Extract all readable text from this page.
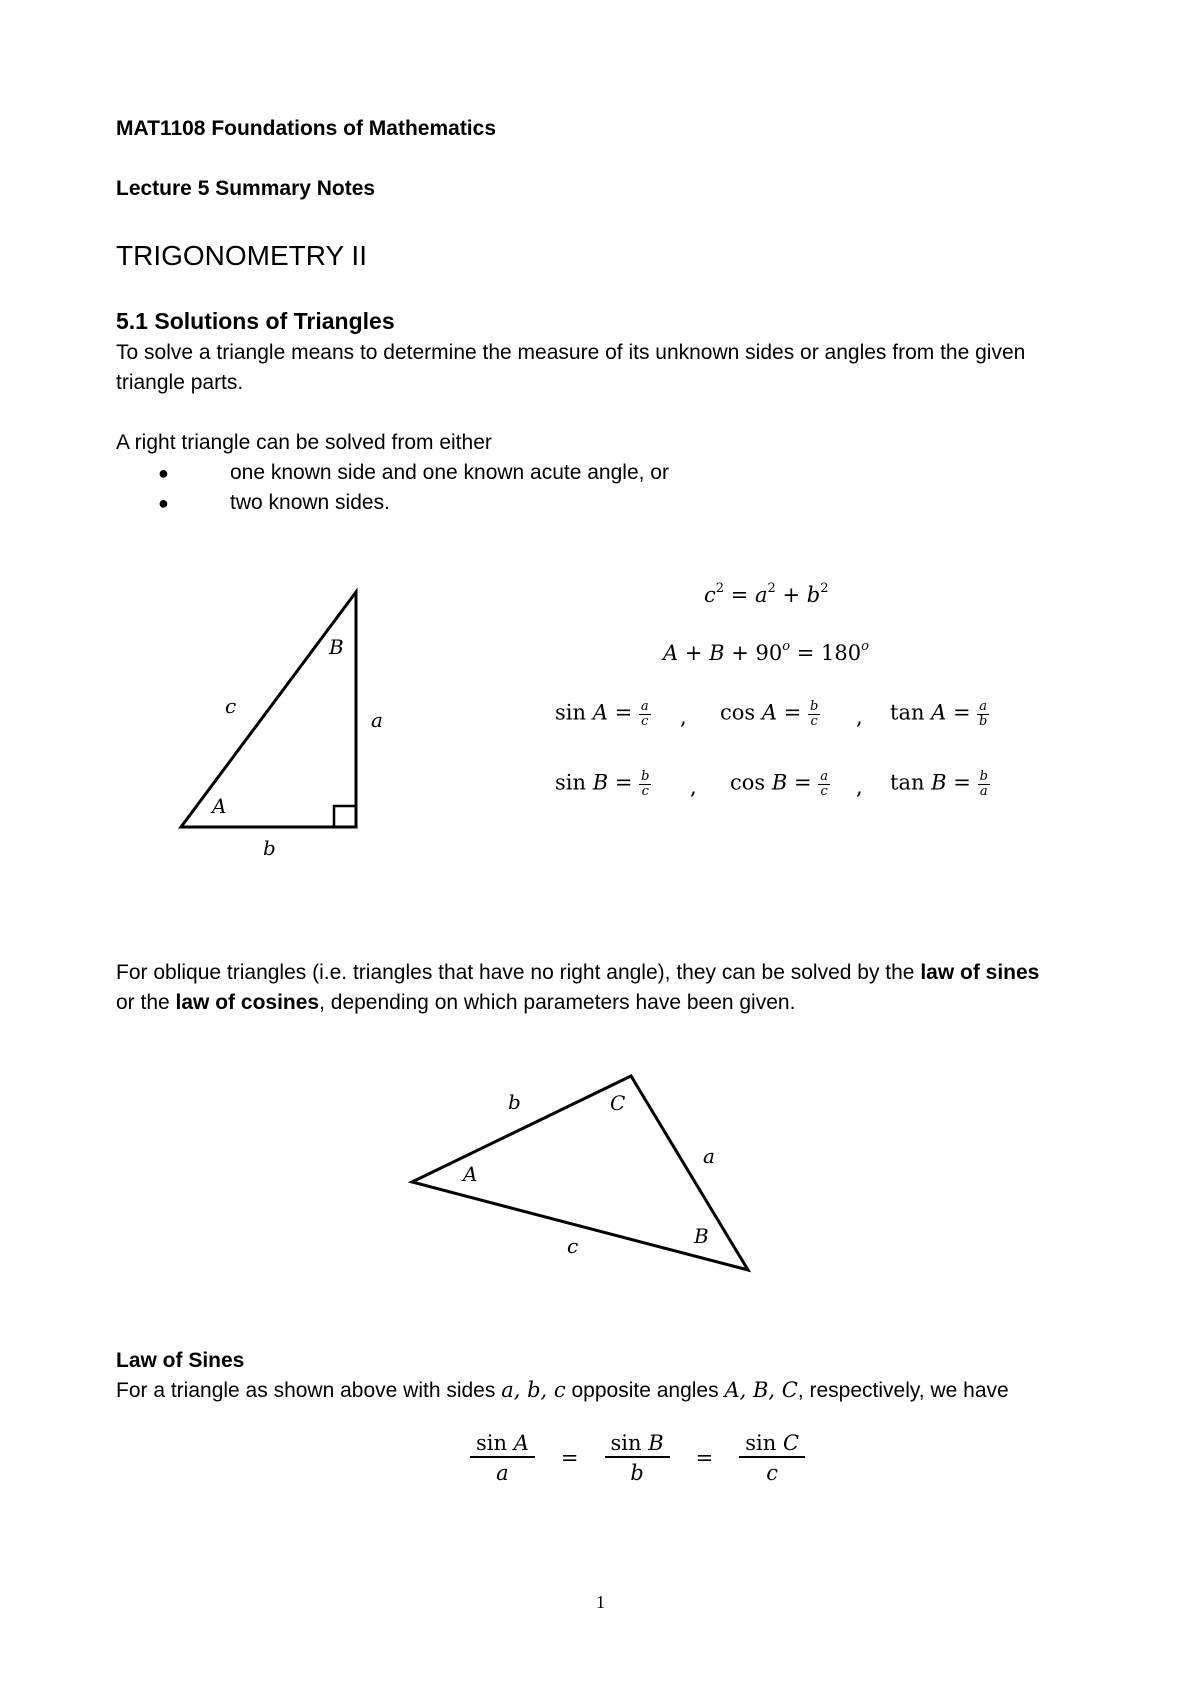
MAT1108 Foundations of Mathematics
Lecture 5 Summary Notes
TRIGONOMETRY II
5.1 Solutions of Triangles
To solve a triangle means to determine the measure of its unknown sides or angles from the given
triangle parts.
A right triangle can be solved from either
●	one known side and one known acute angle, or
●	two known sides.
B
c
a
A
b
$c^2 = a^2 + b^2$
$A + B + 90^o = 180^o$
$\sin A = \frac{a}{c}$ , $\cos A = \frac{b}{c}$ , $\tan A = \frac{a}{b}$
$\sin B = \frac{b}{c}$ , $\cos B = \frac{a}{c}$ , $\tan B = \frac{b}{a}$
For oblique triangles (i.e. triangles that have no right angle), they can be solved by the law of sines
or the law of cosines, depending on which parameters have been given.
b	C
a
A
B
c
Law of Sines
For a triangle as shown above with sides a, b, c opposite angles A, B, C, respectively, we have
$\frac{\text{sin A}}{a} = \frac{\text{sin B}}{b} = \frac{\text{sin C}}{c}$
1
